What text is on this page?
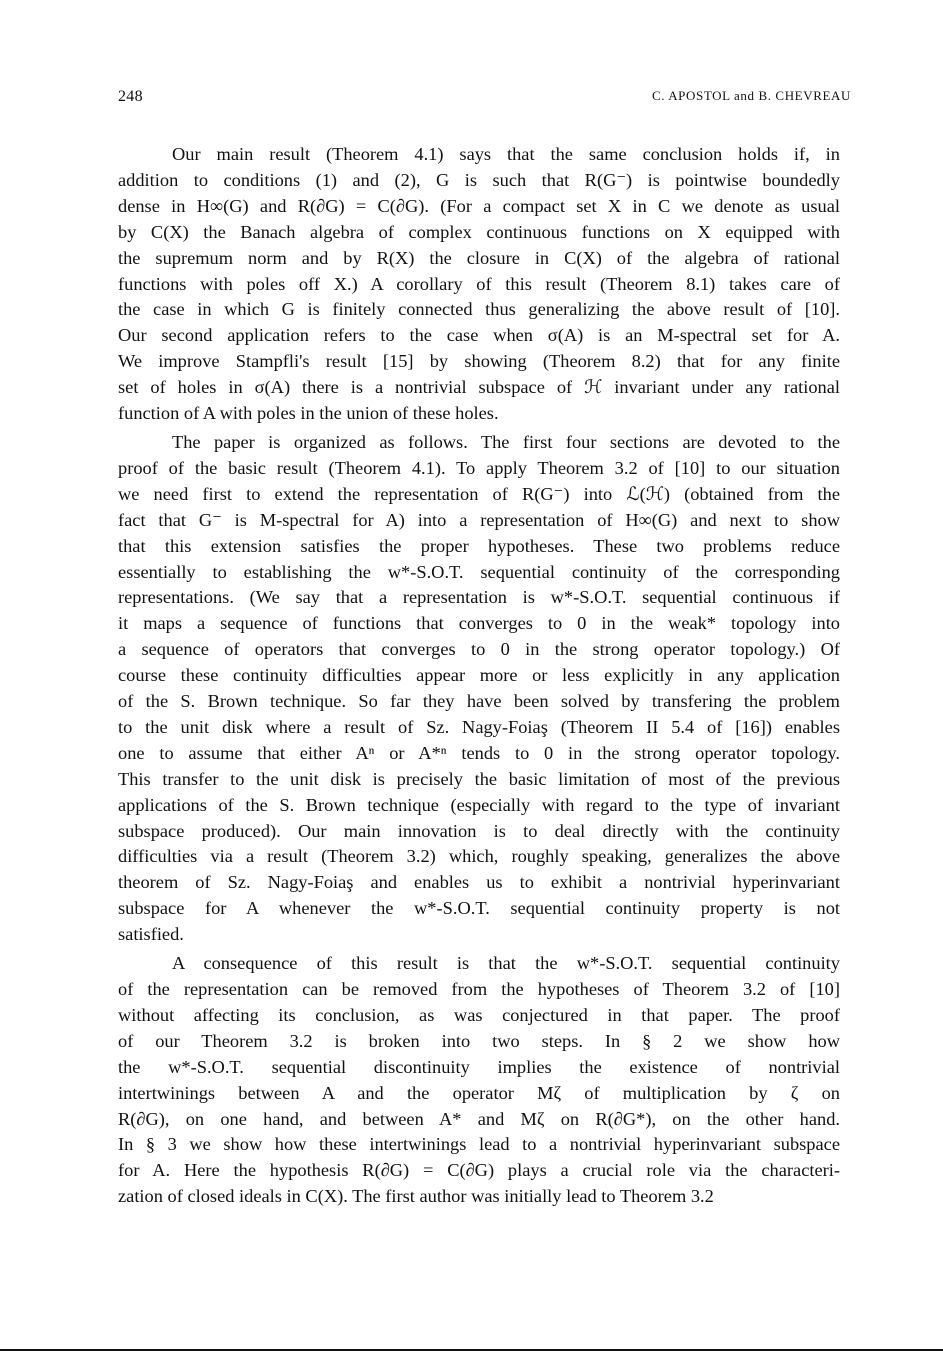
248	C. APOSTOL and B. CHEVREAU

Our main result (Theorem 4.1) says that the same conclusion holds if, in
addition to conditions (1) and (2), G is such that R(G⁻) is pointwise boundedly
dense in H∞(G) and R(∂G) = C(∂G). (For a compact set X in C we denote as usual
by C(X) the Banach algebra of complex continuous functions on X equipped with
the supremum norm and by R(X) the closure in C(X) of the algebra of rational
functions with poles off X.) A corollary of this result (Theorem 8.1) takes care of
the case in which G is finitely connected thus generalizing the above result of [10].
Our second application refers to the case when σ(A) is an M-spectral set for A.
We improve Stampfli's result [15] by showing (Theorem 8.2) that for any finite
set of holes in σ(A) there is a nontrivial subspace of ℋ invariant under any rational
function of A with poles in the union of these holes.

The paper is organized as follows. The first four sections are devoted to the
proof of the basic result (Theorem 4.1). To apply Theorem 3.2 of [10] to our situation
we need first to extend the representation of R(G⁻) into ℒ(ℋ) (obtained from the
fact that G⁻ is M-spectral for A) into a representation of H∞(G) and next to show
that this extension satisfies the proper hypotheses. These two problems reduce
essentially to establishing the w*-S.O.T. sequential continuity of the corresponding
representations. (We say that a representation is w*-S.O.T. sequential continuous if
it maps a sequence of functions that converges to 0 in the weak* topology into
a sequence of operators that converges to 0 in the strong operator topology.) Of
course these continuity difficulties appear more or less explicitly in any application
of the S. Brown technique. So far they have been solved by transfering the problem
to the unit disk where a result of Sz. Nagy-Foiaş (Theorem II 5.4 of [16]) enables
one to assume that either Aⁿ or A*ⁿ tends to 0 in the strong operator topology.
This transfer to the unit disk is precisely the basic limitation of most of the previous
applications of the S. Brown technique (especially with regard to the type of invariant
subspace produced). Our main innovation is to deal directly with the continuity
difficulties via a result (Theorem 3.2) which, roughly speaking, generalizes the above
theorem of Sz. Nagy-Foiaş and enables us to exhibit a nontrivial hyperinvariant
subspace for A whenever the w*-S.O.T. sequential continuity property is not
satisfied.

A consequence of this result is that the w*-S.O.T. sequential continuity
of the representation can be removed from the hypotheses of Theorem 3.2 of [10]
without affecting its conclusion, as was conjectured in that paper. The proof
of our Theorem 3.2 is broken into two steps. In § 2 we show how
the w*-S.O.T. sequential discontinuity implies the existence of nontrivial
intertwinings between A and the operator Mζ of multiplication by ζ on
R(∂G), on one hand, and between A* and Mζ on R(∂G*), on the other hand.
In § 3 we show how these intertwinings lead to a nontrivial hyperinvariant subspace
for A. Here the hypothesis R(∂G) = C(∂G) plays a crucial role via the characteri-
zation of closed ideals in C(X). The first author was initially lead to Theorem 3.2
